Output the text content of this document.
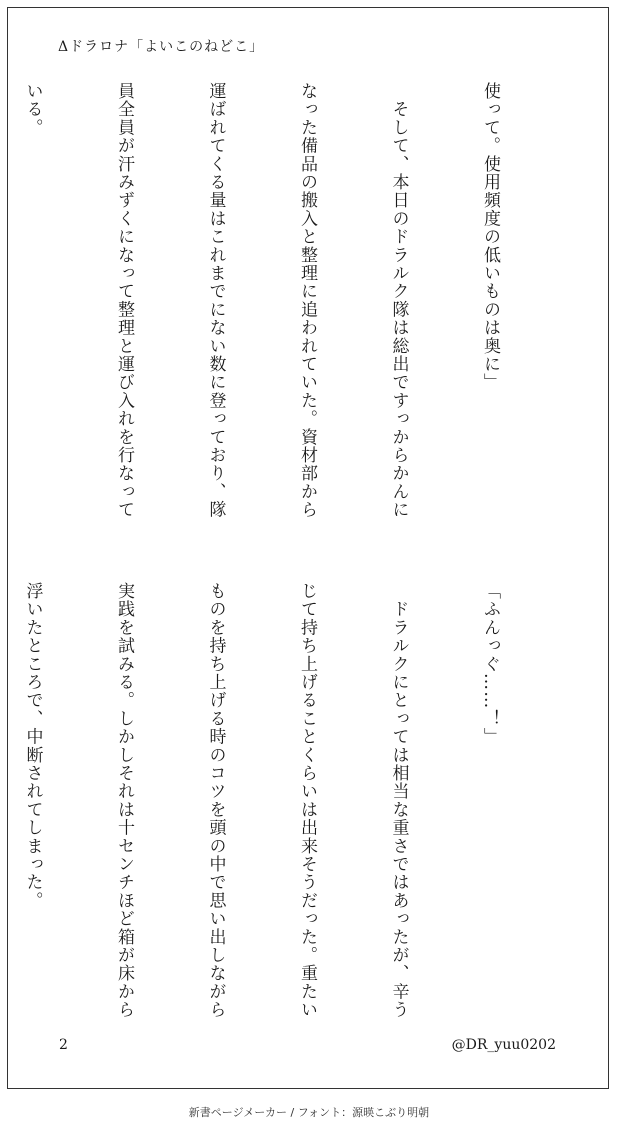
Δドラロナ「よいこのねどこ」

使って。使用頻度の低いものは奥に」

　そして、本日のドラルク隊は総出ですっからかんに

なった備品の搬入と整理に追われていた。資材部から

運ばれてくる量はこれまでにない数に登っており、隊

員全員が汗みずくになって整理と運び入れを行なって

いる。

「ふんっぐ……！」

　ドラルクにとっては相当な重さではあったが、辛う

じて持ち上げることくらいは出来そうだった。重たい

ものを持ち上げる時のコツを頭の中で思い出しながら

実践を試みる。しかしそれは十センチほど箱が床から

浮いたところで、中断されてしまった。

2	@DR_yuu0202
新書ページメーカー / フォント：源暎こぶり明朝
